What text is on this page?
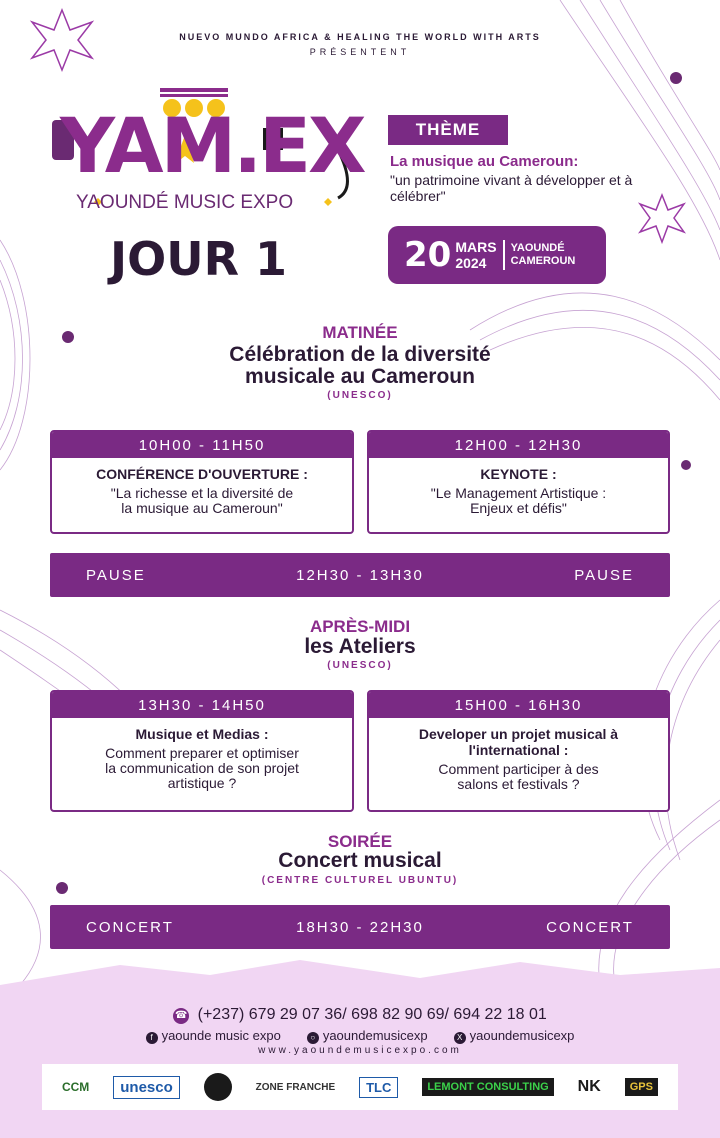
NUEVO MUNDO AFRICA & HEALING THE WORLD WITH ARTS
PRÉSENTENT
YAM.EX
YAOUNDÉ MUSIC EXPO
JOUR 1
THÈME
La musique au Cameroun:
"un patrimoine vivant à développer et à célébrer"
20 MARS
2024
YAOUNDÉ
CAMEROUN
MATINÉE
Célébration de la diversité
musicale au Cameroun
(UNESCO)
10H00 - 11H50
CONFÉRENCE D'OUVERTURE :
"La richesse et la diversité de
la musique au Cameroun"
12H00 - 12H30
KEYNOTE :
"Le Management Artistique :
Enjeux et défis"
PAUSE	12H30 - 13H30	PAUSE
APRÈS-MIDI
les Ateliers
(UNESCO)
13H30 - 14H50
Musique et Medias :
Comment preparer et optimiser
la communication de son projet
artistique ?
15H00 - 16H30
Developer un projet musical à
l'international :
Comment participer à des
salons et festivals ?
SOIRÉE
Concert musical
(CENTRE CULTUREL UBUNTU)
CONCERT	18H30 - 22H30	CONCERT
☎ (+237) 679 29 07 36/ 698 82 90 69/ 694 22 18 01
f yaounde music expo	○ yaoundemusicexp	X yaoundemusicexp
www.yaoundemusicexpo.com
CCM	unesco	ZONE FRANCHE	TLC	LEMONT CONSULTING	NK	GPS
